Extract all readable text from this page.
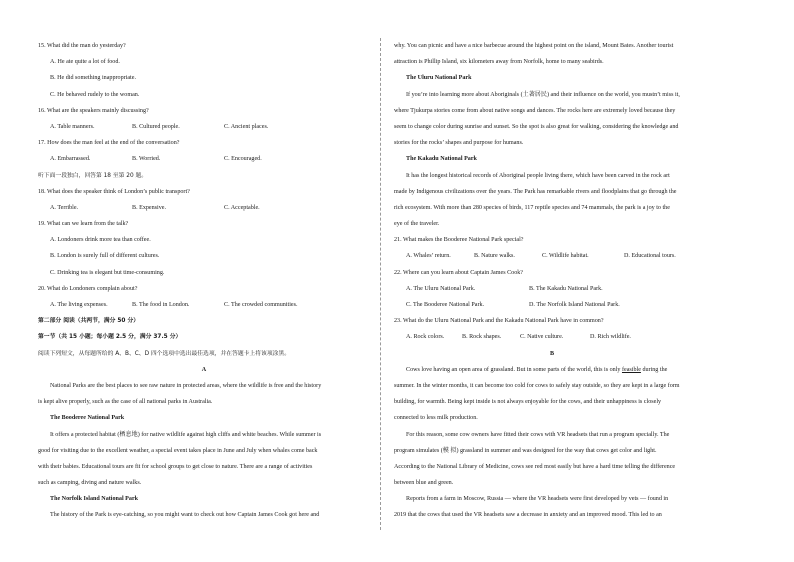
15. What did the man do yesterday?
A. He ate quite a lot of food.
B. He did something inappropriate.
C. He behaved rudely to the woman.
16. What are the speakers mainly discussing?
A. Table manners.	B. Cultured people.	C. Ancient places.
17. How does the man feel at the end of the conversation?
A. Embarrassed.	B. Worried.	C. Encouraged.
听下面一段独白，回答第 18 至第 20 题。
18. What does the speaker think of London’s public transport?
A. Terrible.	B. Expensive.	C. Acceptable.
19. What can we learn from the talk?
A. Londoners drink more tea than coffee.
B. London is surely full of different cultures.
C. Drinking tea is elegant but time-consuming.
20. What do Londoners complain about?
A. The living expenses.	B. The food in London.	C. The crowded communities.
第二部分 阅读（共两节，满分 50 分）
第一节（共 15 小题；每小题 2.5 分，满分 37.5 分）
阅读下列短文，从每题所给的 A、B、C、D 四个选项中选出最佳选项，并在答题卡上将该项涂黑。
A
National Parks are the best places to see raw nature in protected areas, where the wildlife is free and the history
is kept alive properly, such as the case of all national parks in Australia.
The Booderee National Park
It offers a protected habitat (栖息地) for native wildlife against high cliffs and white beaches. While summer is
good for visiting due to the excellent weather, a special event takes place in June and July when whales come back
with their babies. Educational tours are fit for school groups to get close to nature. There are a range of activities
such as camping, diving and nature walks.
The Norfolk Island National Park
The history of the Park is eye-catching, so you might want to check out how Captain James Cook got here and
why. You can picnic and have a nice barbecue around the highest point on the island, Mount Bates. Another tourist
attraction is Phillip Island, six kilometers away from Norfolk, home to many seabirds.
The Uluru National Park
If you’re into learning more about Aboriginals (土著居民) and their influence on the world, you mustn’t miss it,
where Tjukurpa stories come from about native songs and dances. The rocks here are extremely loved because they
seem to change color during sunrise and sunset. So the spot is also great for walking, considering the knowledge and
stories for the rocks’ shapes and purpose for humans.
The Kakadu National Park
It has the longest historical records of Aboriginal people living there, which have been carved in the rock art
made by Indigenous civilizations over the years. The Park has remarkable rivers and floodplains that go through the
rich ecosystem. With more than 280 species of birds, 117 reptile species and 74 mammals, the park is a joy to the
eye of the traveler.
21. What makes the Booderee National Park special?
A. Whales’ return.	B. Nature walks.	C. Wildlife habitat.	D. Educational tours.
22. Where can you learn about Captain James Cook?
A. The Uluru National Park.	B. The Kakadu National Park.
C. The Booderee National Park.	D. The Norfolk Island National Park.
23. What do the Uluru National Park and the Kakadu National Park have in common?
A. Rock colors.	B. Rock shapes.	C. Native culture.	D. Rich wildlife.
B
Cows love having an open area of grassland. But in some parts of the world, this is only feasible during the
summer. In the winter months, it can become too cold for cows to safely stay outside, so they are kept in a large form
building, for warmth. Being kept inside is not always enjoyable for the cows, and their unhappiness is closely
connected to less milk production.
For this reason, some cow owners have fitted their cows with VR headsets that run a program specially. The
program simulates (模 拟) grassland in summer and was designed for the way that cows get color and light.
According to the National Library of Medicine, cows see red most easily but have a hard time telling the difference
between blue and green.
Reports from a farm in Moscow, Russia — where the VR headsets were first developed by vets — found in
2019 that the cows that used the VR headsets saw a decrease in anxiety and an improved mood. This led to an
